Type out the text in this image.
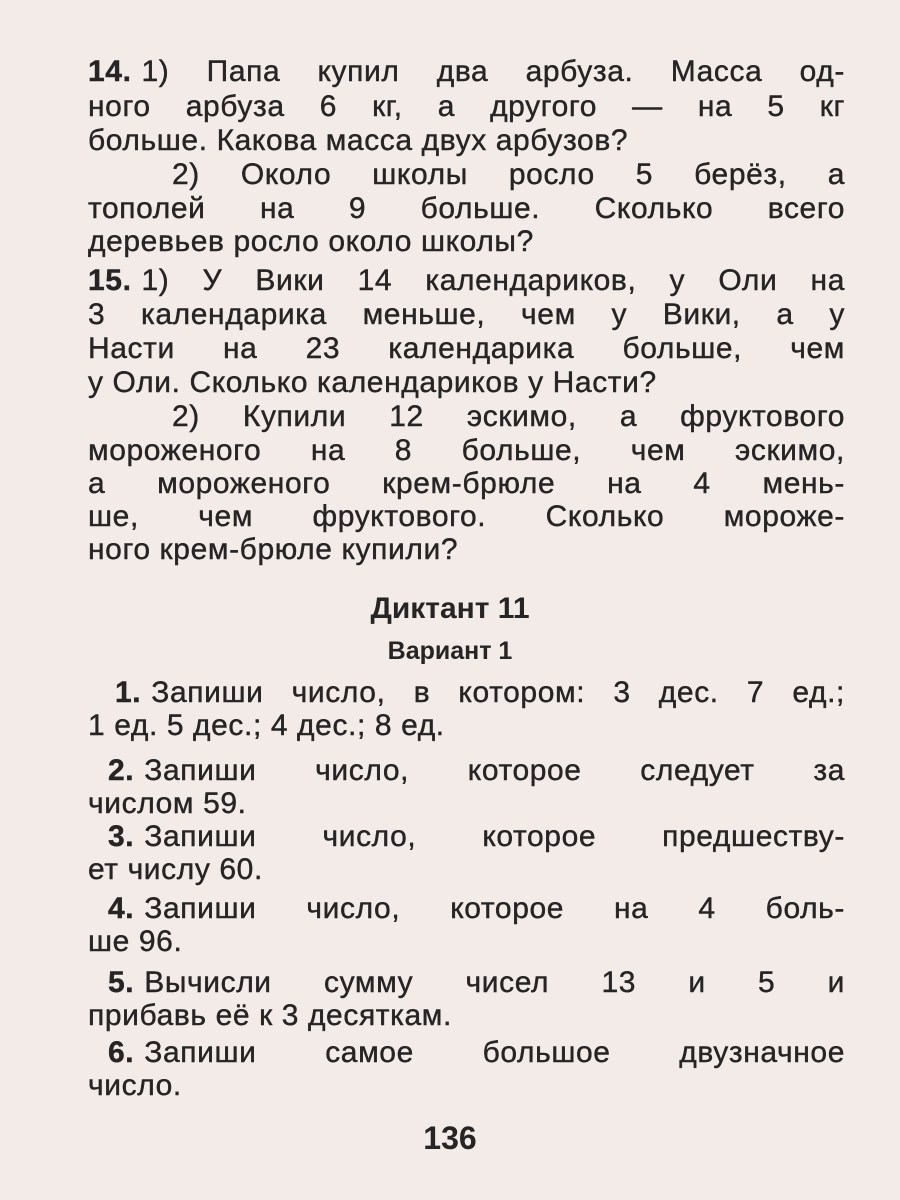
14. 1) Папа купил два арбуза. Масса од-
ного арбуза 6 кг, а другого — на 5 кг
больше. Какова масса двух арбузов?
2) Около школы росло 5 берёз, а
тополей на 9 больше. Сколько всего
деревьев росло около школы?
15. 1) У Вики 14 календариков, у Оли на
3 календарика меньше, чем у Вики, а у
Насти на 23 календарика больше, чем
у Оли. Сколько календариков у Насти?
2) Купили 12 эскимо, а фруктового
мороженого на 8 больше, чем эскимо,
а мороженого крем-брюле на 4 мень-
ше, чем фруктового. Сколько мороже-
ного крем-брюле купили?
Диктант 11
Вариант 1
1. Запиши число, в котором: 3 дес. 7 ед.;
1 ед. 5 дес.; 4 дес.; 8 ед.
2. Запиши число, которое следует за
числом 59.
3. Запиши число, которое предшеству-
ет числу 60.
4. Запиши число, которое на 4 боль-
ше 96.
5. Вычисли сумму чисел 13 и 5 и
прибавь её к 3 десяткам.
6. Запиши самое большое двузначное
число.
136
